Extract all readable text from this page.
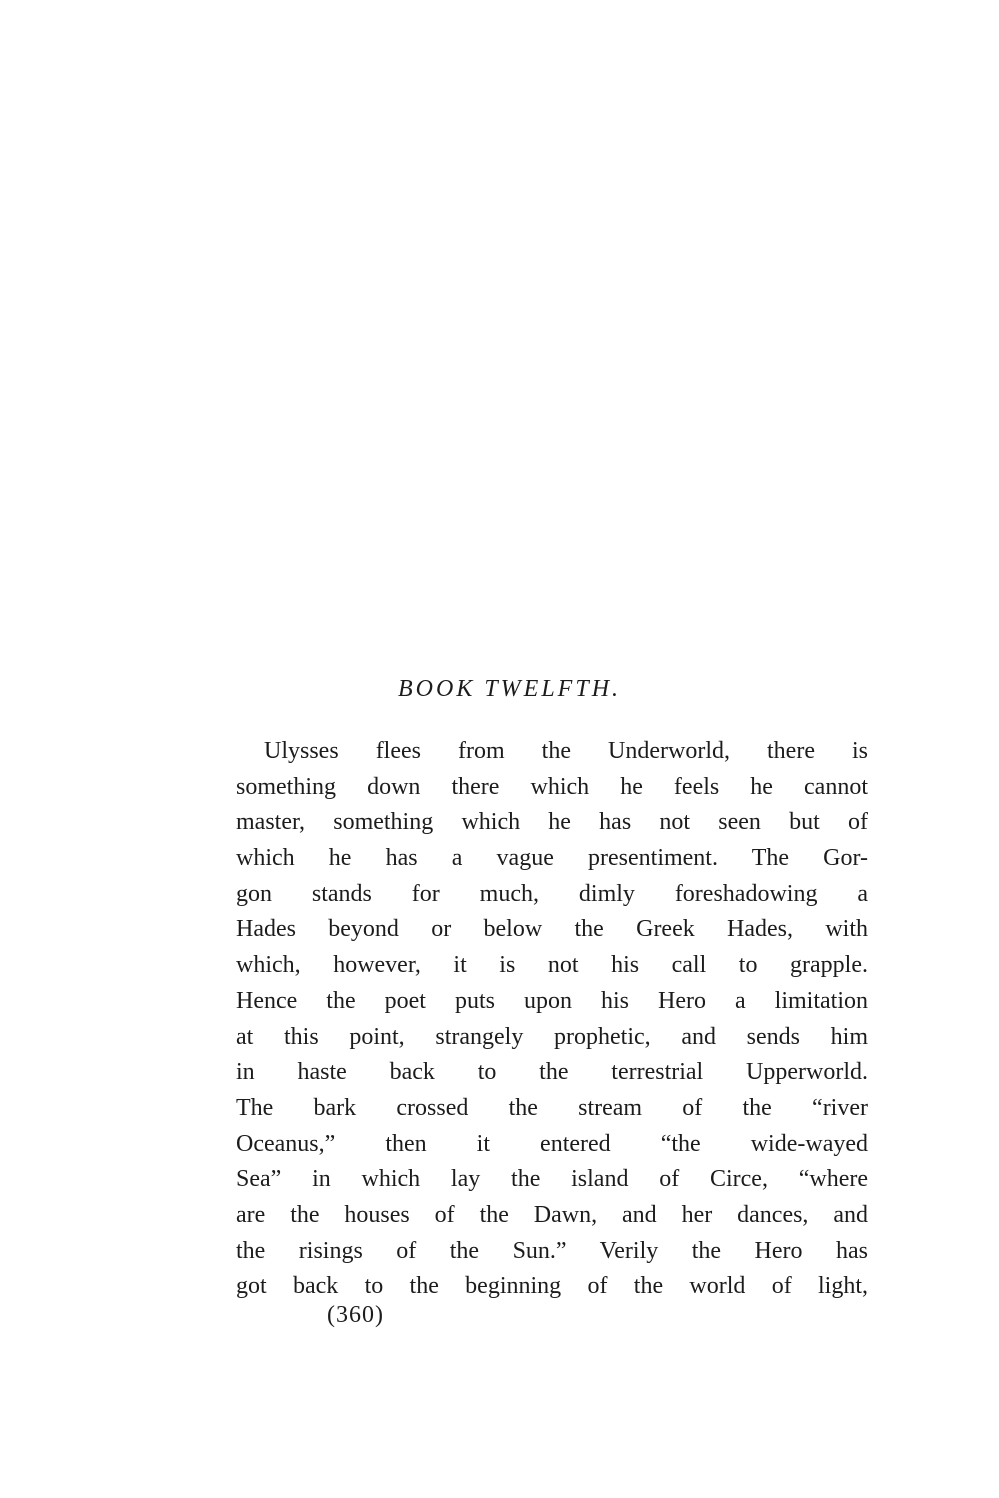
BOOK TWELFTH.
Ulysses flees from the Underworld, there is
something down there which he feels he cannot
master, something which he has not seen but of
which he has a vague presentiment. The Gor-
gon stands for much, dimly foreshadowing a
Hades beyond or below the Greek Hades, with
which, however, it is not his call to grapple.
Hence the poet puts upon his Hero a limitation
at this point, strangely prophetic, and sends him
in haste back to the terrestrial Upperworld.
The bark crossed the stream of the “river
Oceanus,” then it entered “the wide-wayed
Sea” in which lay the island of Circe, “where
are the houses of the Dawn, and her dances, and
the risings of the Sun.” Verily the Hero has
got back to the beginning of the world of light,
(360)
